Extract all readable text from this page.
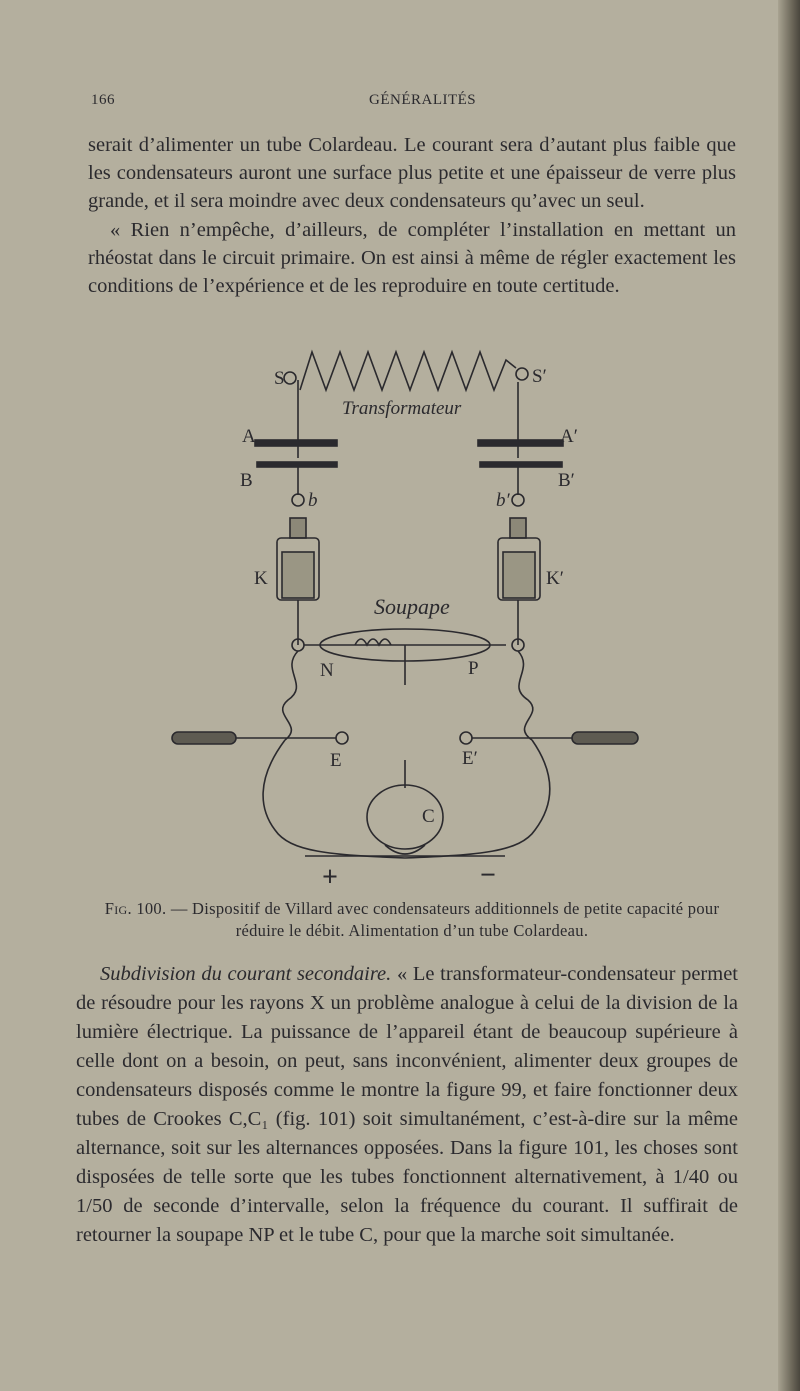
166	GÉNÉRALITÉS

serait d’alimenter un tube Colardeau. Le courant sera d’autant plus faible que les condensateurs auront une surface plus petite et une épaisseur de verre plus grande, et il sera moindre avec deux condensateurs qu’avec un seul.

« Rien n’empêche, d’ailleurs, de compléter l’installation en mettant un rhéostat dans le circuit primaire. On est ainsi à même de régler exactement les conditions de l’expérience et de les reproduire en toute certitude.

S	S′
Transformateur
A	A′
B	B′
b	b′
K	K′
Soupape
N	P
E	E′
C
+	−

Fig. 100. — Dispositif de Villard avec condensateurs additionnels de petite capacité pour réduire le débit. Alimentation d’un tube Colardeau.

Subdivision du courant secondaire. « Le transformateur-condensateur permet de résoudre pour les rayons X un problème analogue à celui de la division de la lumière électrique. La puissance de l’appareil étant de beaucoup supérieure à celle dont on a besoin, on peut, sans inconvénient, alimenter deux groupes de condensateurs disposés comme le montre la figure 99, et faire fonctionner deux tubes de Crookes C,C₁ (fig. 101) soit simultanément, c’est-à-dire sur la même alternance, soit sur les alternances opposées. Dans la figure 101, les choses sont disposées de telle sorte que les tubes fonctionnent alternativement, à 1/40 ou 1/50 de seconde d’intervalle, selon la fréquence du courant. Il suffirait de retourner la soupape NP et le tube C, pour que la marche soit simultanée.
